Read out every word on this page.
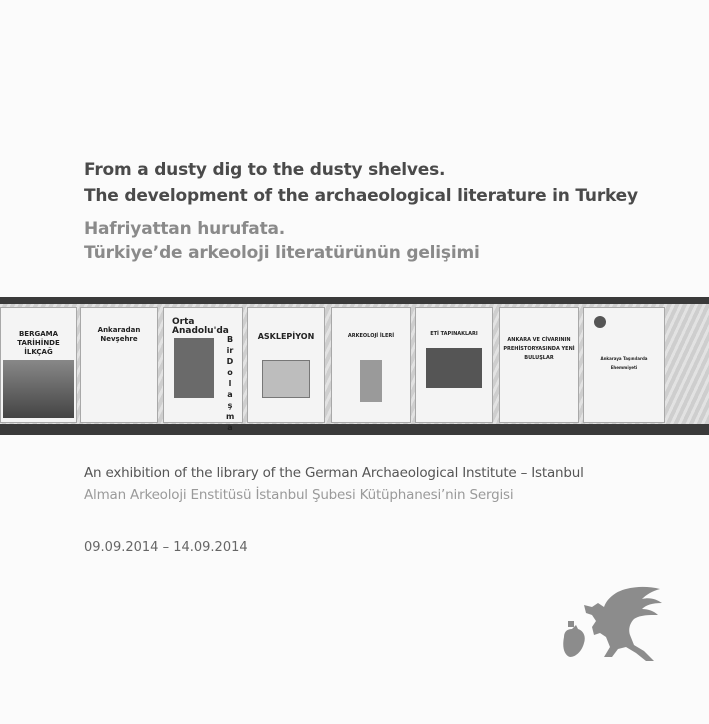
From a dusty dig to the dusty shelves.

The development of the archaeological literature in Turkey

Hafriyattan hurufata.

Türkiye’de arkeoloji literatürünün gelişimi

BERGAMA TARİHİNDE İLKÇAĞ
Ankaradan Nevşehre
Orta Anadolu'da
Bir Dolaşma
ASKLEPİYON	ARKEOLOJİ İLERİ	ETİ TAPINAKLARI
ANKARA VE CİVARININ PREHİSTORYASINDA YENİ BULUŞLAR	Ankaraya Taşınılarda Ehemmiyeti

An exhibition of the library of the German Archaeological Institute – Istanbul

Alman Arkeoloji Enstitüsü İstanbul Şubesi Kütüphanesi’nin Sergisi

09.09.2014 – 14.09.2014
